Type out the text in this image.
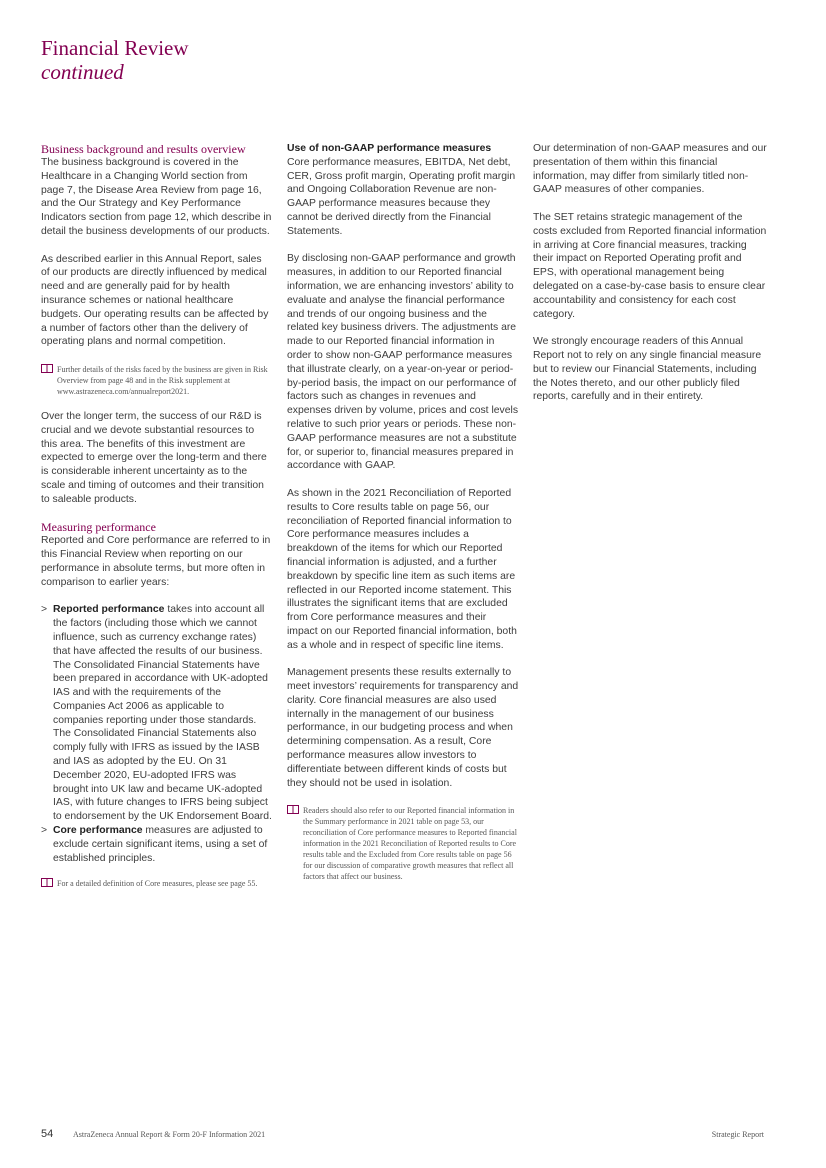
Financial Review
continued
Business background and results overview

The business background is covered in the Healthcare in a Changing World section from page 7, the Disease Area Review from page 16, and the Our Strategy and Key Performance Indicators section from page 12, which describe in detail the business developments of our products.

As described earlier in this Annual Report, sales of our products are directly influenced by medical need and are generally paid for by health insurance schemes or national healthcare budgets. Our operating results can be affected by a number of factors other than the delivery of operating plans and normal competition.

Further details of the risks faced by the business are given in Risk Overview from page 48 and in the Risk supplement at www.astrazeneca.com/annualreport2021.

Over the longer term, the success of our R&D is crucial and we devote substantial resources to this area. The benefits of this investment are expected to emerge over the long-term and there is considerable inherent uncertainty as to the scale and timing of outcomes and their transition to saleable products.

Measuring performance

Reported and Core performance are referred to in this Financial Review when reporting on our performance in absolute terms, but more often in comparison to earlier years:

> Reported performance takes into account all the factors (including those which we cannot influence, such as currency exchange rates) that have affected the results of our business. The Consolidated Financial Statements have been prepared in accordance with UK-adopted IAS and with the requirements of the Companies Act 2006 as applicable to companies reporting under those standards. The Consolidated Financial Statements also comply fully with IFRS as issued by the IASB and IAS as adopted by the EU. On 31 December 2020, EU-adopted IFRS was brought into UK law and became UK-adopted IAS, with future changes to IFRS being subject to endorsement by the UK Endorsement Board.
> Core performance measures are adjusted to exclude certain significant items, using a set of established principles.
For a detailed definition of Core measures, please see page 55.
Use of non-GAAP performance measures

Core performance measures, EBITDA, Net debt, CER, Gross profit margin, Operating profit margin and Ongoing Collaboration Revenue are non-GAAP performance measures because they cannot be derived directly from the Financial Statements.

By disclosing non-GAAP performance and growth measures, in addition to our Reported financial information, we are enhancing investors’ ability to evaluate and analyse the financial performance and trends of our ongoing business and the related key business drivers. The adjustments are made to our Reported financial information in order to show non-GAAP performance measures that illustrate clearly, on a year-on-year or period-by-period basis, the impact on our performance of factors such as changes in revenues and expenses driven by volume, prices and cost levels relative to such prior years or periods. These non-GAAP performance measures are not a substitute for, or superior to, financial measures prepared in accordance with GAAP.

As shown in the 2021 Reconciliation of Reported results to Core results table on page 56, our reconciliation of Reported financial information to Core performance measures includes a breakdown of the items for which our Reported financial information is adjusted, and a further breakdown by specific line item as such items are reflected in our Reported income statement. This illustrates the significant items that are excluded from Core performance measures and their impact on our Reported financial information, both as a whole and in respect of specific line items.

Management presents these results externally to meet investors’ requirements for transparency and clarity. Core financial measures are also used internally in the management of our business performance, in our budgeting process and when determining compensation. As a result, Core performance measures allow investors to differentiate between different kinds of costs but they should not be used in isolation.

Readers should also refer to our Reported financial information in the Summary performance in 2021 table on page 53, our reconciliation of Core performance measures to Reported financial information in the 2021 Reconciliation of Reported results to Core results table and the Excluded from Core results table on page 56 for our discussion of comparative growth measures that reflect all factors that affect our business.

Our determination of non-GAAP measures and our presentation of them within this financial information, may differ from similarly titled non-GAAP measures of other companies.

The SET retains strategic management of the costs excluded from Reported financial information in arriving at Core financial measures, tracking their impact on Reported Operating profit and EPS, with operational management being delegated on a case-by-case basis to ensure clear accountability and consistency for each cost category.

We strongly encourage readers of this Annual Report not to rely on any single financial measure but to review our Financial Statements, including the Notes thereto, and our other publicly filed reports, carefully and in their entirety.

54 AstraZeneca Annual Report & Form 20-F Information 2021	Strategic Report
